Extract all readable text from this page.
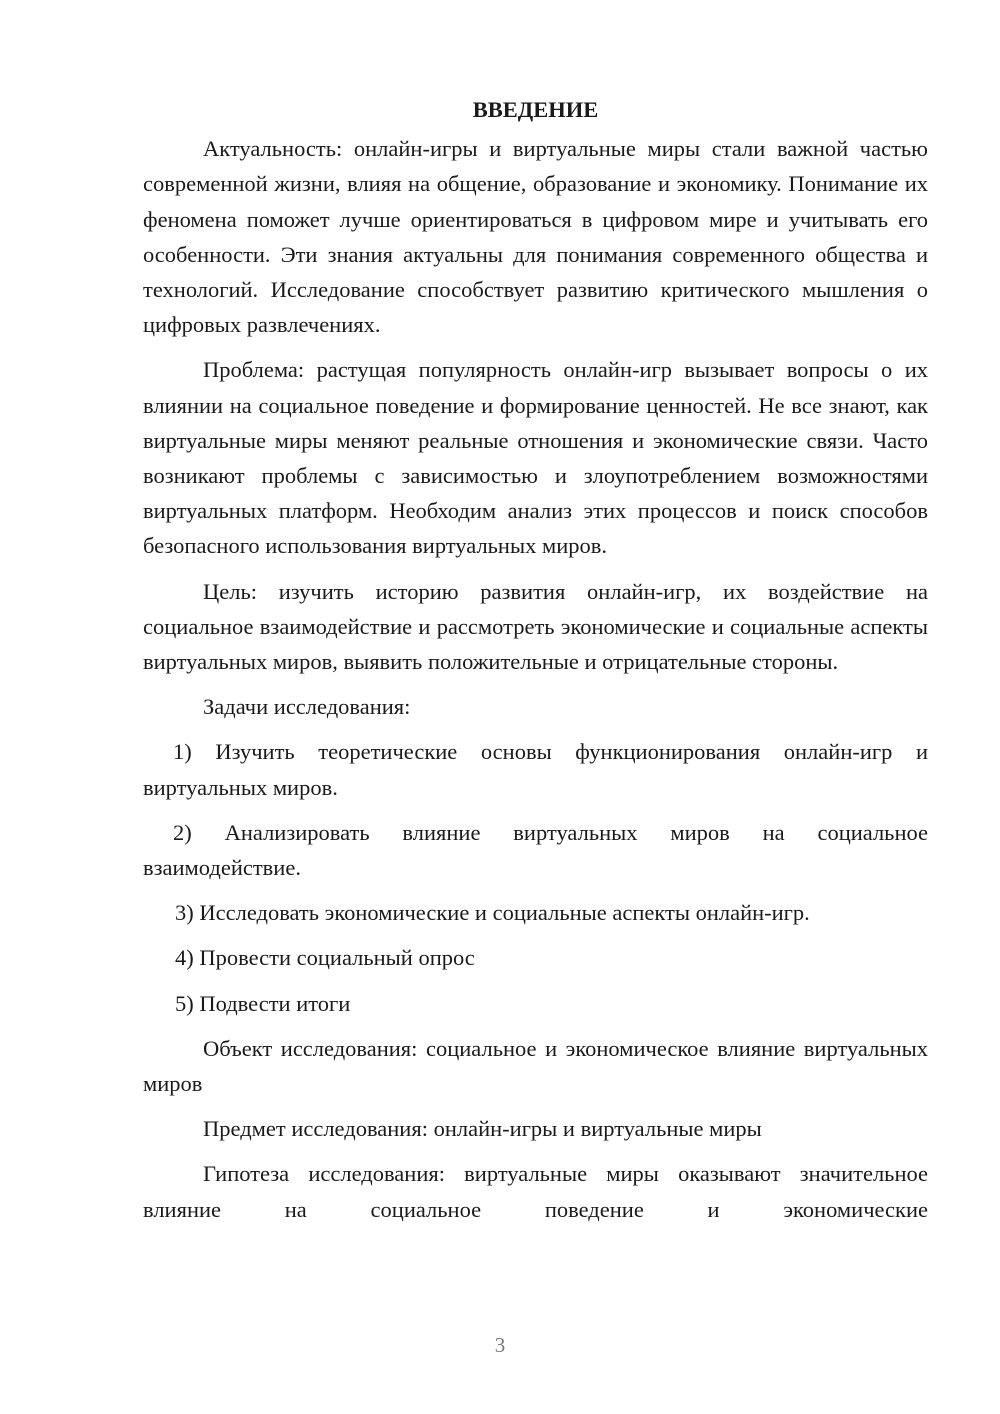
ВВЕДЕНИЕ

Актуальность: онлайн-игры и виртуальные миры стали важной частью современной жизни, влияя на общение, образование и экономику. Понимание их феномена поможет лучше ориентироваться в цифровом мире и учитывать его особенности. Эти знания актуальны для понимания современного общества и технологий. Исследование способствует развитию критического мышления о цифровых развлечениях.

Проблема: растущая популярность онлайн-игр вызывает вопросы о их влиянии на социальное поведение и формирование ценностей. Не все знают, как виртуальные миры меняют реальные отношения и экономические связи. Часто возникают проблемы с зависимостью и злоупотреблением возможностями виртуальных платформ. Необходим анализ этих процессов и поиск способов безопасного использования виртуальных миров.

Цель: изучить историю развития онлайн-игр, их воздействие на социальное взаимодействие и рассмотреть экономические и социальные аспекты виртуальных миров, выявить положительные и отрицательные стороны.

Задачи исследования:

1) Изучить теоретические основы функционирования онлайн-игр и виртуальных миров.

2) Анализировать влияние виртуальных миров на социальное взаимодействие.

3) Исследовать экономические и социальные аспекты онлайн-игр.

4) Провести социальный опрос

5) Подвести итоги

Объект исследования: социальное и экономическое влияние виртуальных миров

Предмет исследования: онлайн-игры и виртуальные миры

Гипотеза исследования: виртуальные миры оказывают значительное влияние на социальное поведение и экономические

3
